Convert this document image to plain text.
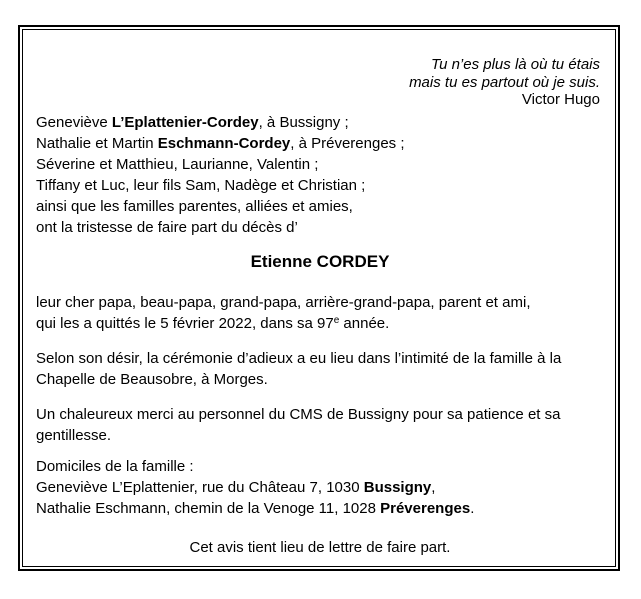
Tu n’es plus là où tu étais
mais tu es partout où je suis.
Victor Hugo
Geneviève L’Eplattenier-Cordey, à Bussigny ;
Nathalie et Martin Eschmann-Cordey, à Préverenges ;
Séverine et Matthieu, Laurianne, Valentin ;
Tiffany et Luc, leur fils Sam, Nadège et Christian ;
ainsi que les familles parentes, alliées et amies,
ont la tristesse de faire part du décès d’
Etienne CORDEY
leur cher papa, beau-papa, grand-papa, arrière-grand-papa, parent et ami,
qui les a quittés le 5 février 2022, dans sa 97e année.

Selon son désir, la cérémonie d’adieux a eu lieu dans l’intimité de la famille à la Chapelle de Beausobre, à Morges.

Un chaleureux merci au personnel du CMS de Bussigny pour sa patience et sa gentillesse.

Domiciles de la famille :
Geneviève L’Eplattenier, rue du Château 7, 1030 Bussigny,
Nathalie Eschmann, chemin de la Venoge 11, 1028 Préverenges.

Cet avis tient lieu de lettre de faire part.
